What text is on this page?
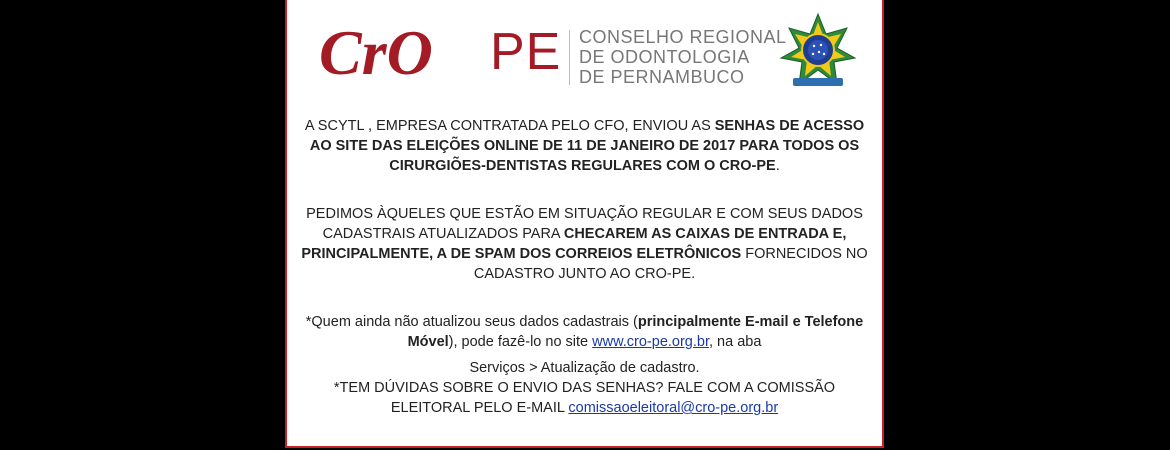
CrO PE CONSELHO REGIONAL
DE ODONTOLOGIA
DE PERNAMBUCO
A SCYTL , EMPRESA CONTRATADA PELO CFO, ENVIOU AS SENHAS DE ACESSO AO SITE DAS ELEIÇÕES ONLINE DE 11 DE JANEIRO DE 2017 PARA TODOS OS CIRURGIÕES-DENTISTAS REGULARES COM O CRO-PE.
PEDIMOS ÀQUELES QUE ESTÃO EM SITUAÇÃO REGULAR E COM SEUS DADOS CADASTRAIS ATUALIZADOS PARA CHECAREM AS CAIXAS DE ENTRADA E, PRINCIPALMENTE, A DE SPAM DOS CORREIOS ELETRÔNICOS FORNECIDOS NO CADASTRO JUNTO AO CRO-PE.
*Quem ainda não atualizou seus dados cadastrais (principalmente E-mail e Telefone Móvel), pode fazê-lo no site www.cro-pe.org.br, na aba
Serviços > Atualização de cadastro.
*TEM DÚVIDAS SOBRE O ENVIO DAS SENHAS? FALE COM A COMISSÃO ELEITORAL PELO E-MAIL comissaoeleitoral@cro-pe.org.br
